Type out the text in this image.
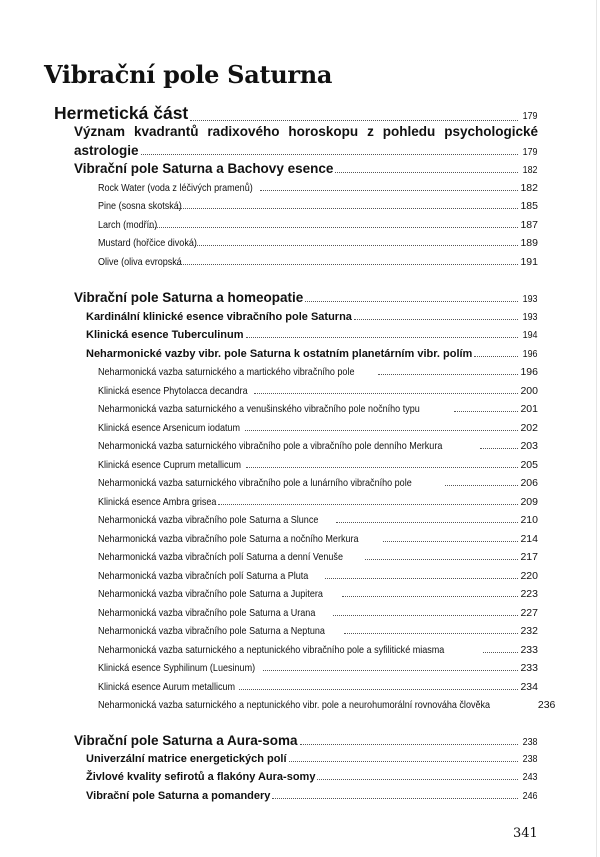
Vibrační pole Saturna
Hermetická část	179
Význam kvadrantů radixového horoskopu z pohledu psychologické
astrologie	179
Vibrační pole Saturna a Bachovy esence	182
Rock Water (voda z léčivých pramenů)	182
Pine (sosna skotská)	185
Larch (modřín)	187
Mustard (hořčice divoká)	189
Olive (oliva evropská	191
Vibrační pole Saturna a homeopatie	193
Kardinální klinické esence vibračního pole Saturna	193
Klinická esence Tuberculinum	194
Neharmonické vazby vibr. pole Saturna k ostatním planetárním vibr. polím	196
Neharmonická vazba saturnického a martického vibračního pole	196
Klinická esence Phytolacca decandra	200
Neharmonická vazba saturnického a venušinského vibračního pole nočního typu	201
Klinická esence Arsenicum iodatum	202
Neharmonická vazba saturnického vibračního pole a vibračního pole denního Merkura	203
Klinická esence Cuprum metallicum	205
Neharmonická vazba saturnického vibračního pole a lunárního vibračního pole	206
Klinická esence Ambra grisea	209
Neharmonická vazba vibračního pole Saturna a Slunce	210
Neharmonická vazba vibračního pole Saturna a nočního Merkura	214
Neharmonická vazba vibračních polí Saturna a denní Venuše	217
Neharmonická vazba vibračních polí Saturna a Pluta	220
Neharmonická vazba vibračního pole Saturna a Jupitera	223
Neharmonická vazba vibračního pole Saturna a Urana	227
Neharmonická vazba vibračního pole Saturna a Neptuna	232
Neharmonická vazba saturnického a neptunického vibračního pole a syfilitické miasma	233
Klinická esence Syphilinum (Luesinum)	233
Klinická esence Aurum metallicum	234
Neharmonická vazba saturnického a neptunického vibr. pole a neurohumorální rovnováha člověka	236
Vibrační pole Saturna a Aura-soma	238
Univerzální matrice energetických polí	238
Živlové kvality sefirotů a flakóny Aura-somy	243
Vibrační pole Saturna a pomandery	246
341
